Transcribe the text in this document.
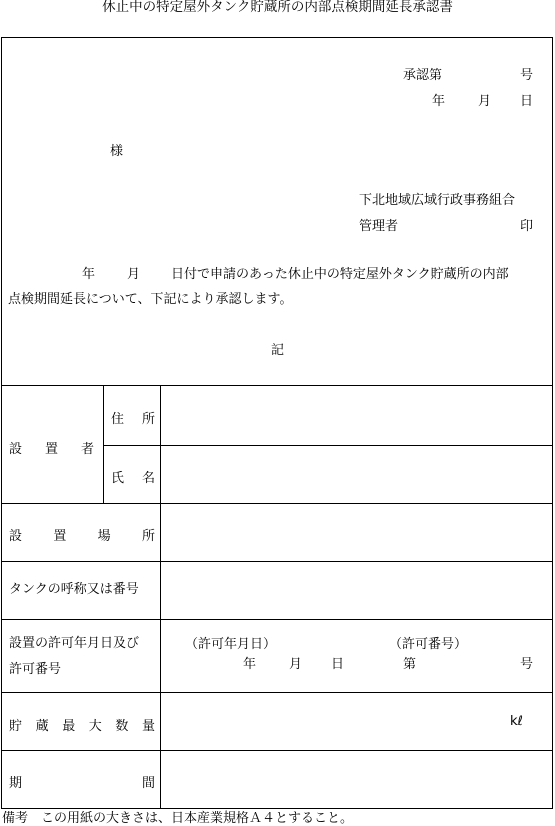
休止中の特定屋外タンク貯蔵所の内部点検期間延長承認書
承認第	号
年	月 日
様
下北地域広域行政事務組合
管理者	印
年 月 日付で申請のあった休止中の特定屋外タンク貯蔵所の内部
点検期間延長について、下記により承認します。
記
設 置 者
住 所
氏 名
設 置 場 所
タンクの呼称又は番号
設置の許可年月日及び
許可番号
（許可年月日）	（許可番号）
年	月 日	第	号
貯 蔵 最 大 数 量	kℓ
期	間
備考　この用紙の大きさは、日本産業規格Ａ４とすること。
